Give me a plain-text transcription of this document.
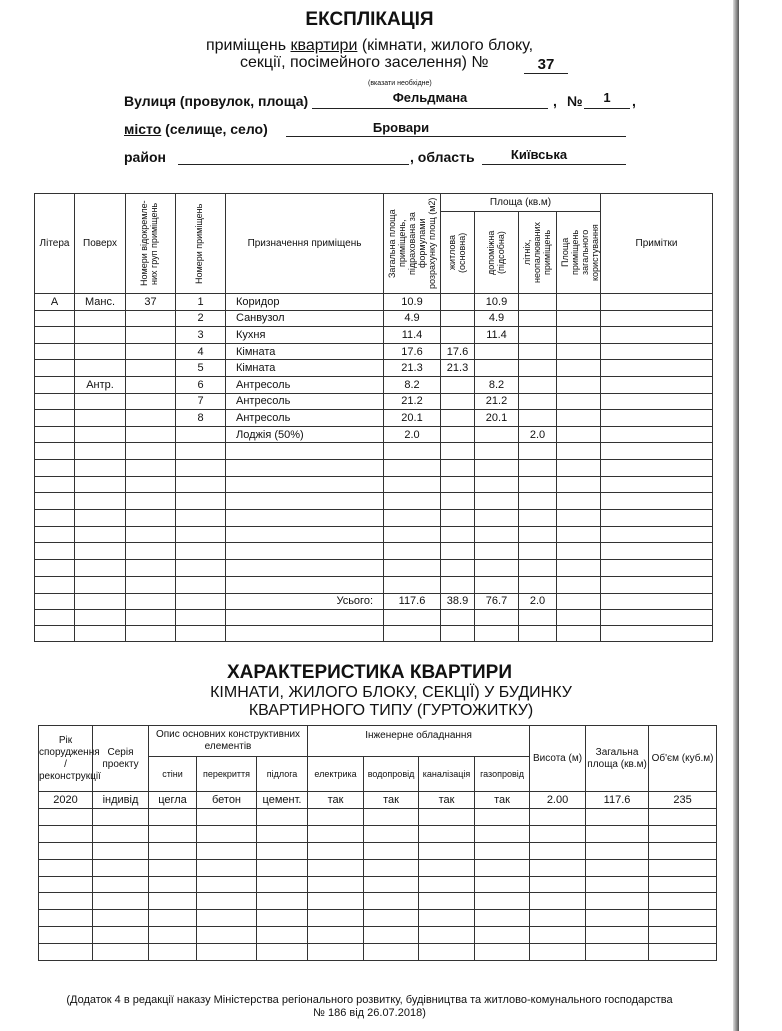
ЕКСПЛІКАЦІЯ
приміщень квартири (кімнати, жилого блоку,
секції, посімейного заселення) №	37
(вказати необхідне)
Вулиця (провулок, площа)	Фельдмана	, №	1	,
місто (селище, село)	Бровари
район	, область	Київська
Літера	Поверх	Номери відокремле-них груп приміщень	Номери приміщень	Призначення приміщень	Загальна площа приміщень, підрахована за формулами розрахунку площ (м2)	Площа (кв.м)				Примітки

						житлова (основна)	допоміжна (підсобна)	літніх, неопалюваних приміщень	Площа приміщень загального користування	

А	Манс.	37	1	Коридор	10.9		10.9			
			2	Санвузол	4.9		4.9			
			3	Кухня	11.4		11.4			
			4	Кімната	17.6	17.6				
			5	Кімната	21.3	21.3				
	Антр.		6	Антресоль	8.2		8.2			
			7	Антресоль	21.2		21.2			
			8	Антресоль	20.1		20.1			
				Лоджія (50%)	2.0			2.0		

				Усього:	117.6	38.9	76.7	2.0		

ХАРАКТЕРИСТИКА КВАРТИРИ
КІМНАТИ, ЖИЛОГО БЛОКУ, СЕКЦІЇ) У БУДИНКУ
КВАРТИРНОГО ТИПУ (ГУРТОЖИТКУ)
Рік спорудження / реконструкції	Серія проекту	Опис основних конструктивних елементів			Інженерне обладнання				Висота (м)	Загальна площа (кв.м)	Об'єм (куб.м)
		стіни	перекриття	підлога	електрика	водопровід	каналізація	газопровід			
2020	індивід	цегла	бетон	цемент.	так	так	так	так	2.00	117.6	235

(Додаток 4 в редакції наказу Міністерства регіонального розвитку, будівництва та житлово-комунального господарства
№ 186 від 26.07.2018)
